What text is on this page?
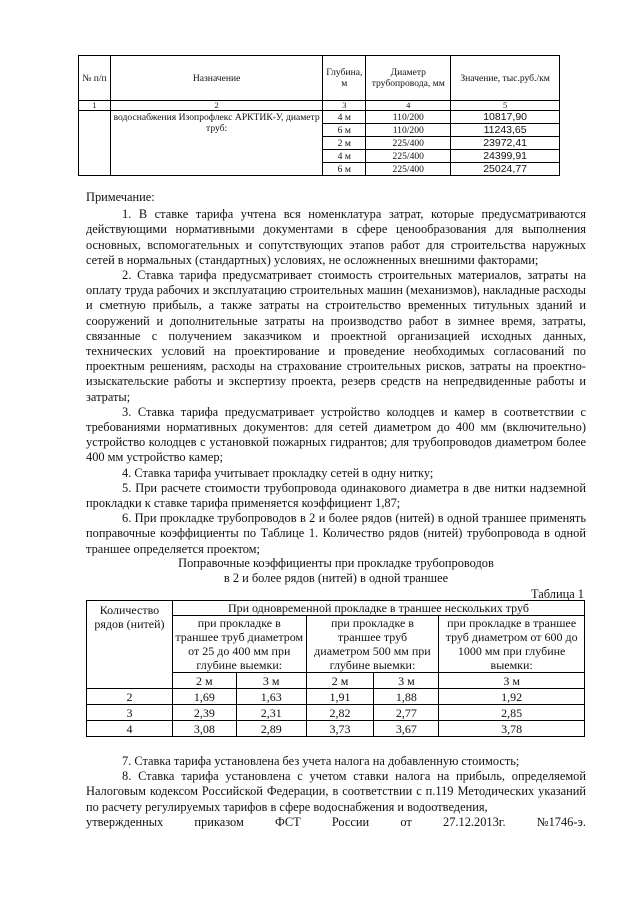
№ п/п	Назначение	Глубина, м	Диаметр трубопровода, мм	Значение, тыс.руб./км
1	2	3	4	5
	водоснабжения Изопрофлекс АРКТИК-У, диаметр труб:	4 м	110/200	10817,90
		6 м	110/200	11243,65
		2 м	225/400	23972,41
		4 м	225/400	24399,91
		6 м	225/400	25024,77

Примечание:

1. В ставке тарифа учтена вся номенклатура затрат, которые предусматриваются действующими нормативными документами в сфере ценообразования для выполнения основных, вспомогательных и сопутствующих этапов работ для строительства наружных сетей в нормальных (стандартных) условиях, не осложненных внешними факторами;

2. Ставка тарифа предусматривает стоимость строительных материалов, затраты на оплату труда рабочих и эксплуатацию строительных машин (механизмов), накладные расходы и сметную прибыль, а также затраты на строительство временных титульных зданий и сооружений и дополнительные затраты на производство работ в зимнее время, затраты, связанные с получением заказчиком и проектной организацией исходных данных, технических условий на проектирование и проведение необходимых согласований по проектным решениям, расходы на страхование строительных рисков, затраты на проектно-изыскательские работы и экспертизу проекта, резерв средств на непредвиденные работы и затраты;

3. Ставка тарифа предусматривает устройство колодцев и камер в соответствии с требованиями нормативных документов: для сетей диаметром до 400 мм (включительно) устройство колодцев с установкой пожарных гидрантов; для трубопроводов диаметром более 400 мм устройство камер;

4. Ставка тарифа учитывает прокладку сетей в одну нитку;

5. При расчете стоимости трубопровода одинакового диаметра в две нитки надземной прокладки к ставке тарифа применяется коэффициент 1,87;

6. При прокладке трубопроводов в 2 и более рядов (нитей) в одной траншее применять поправочные коэффициенты по Таблице 1. Количество рядов (нитей) трубопровода в одной траншее определяется проектом;

Поправочные коэффициенты при прокладке трубопроводов
в 2 и более рядов (нитей) в одной траншее
Таблица 1
Количество рядов (нитей)	При одновременной прокладке в траншее нескольких труб				
	при прокладке в траншее труб диаметром от 25 до 400 мм при глубине выемки:		при прокладке в траншее труб диаметром 500 мм при глубине выемки:		при прокладке в траншее труб диаметром от 600 до 1000 мм при глубине выемки:
	2 м	3 м	2 м	3 м	3 м
2	1,69	1,63	1,91	1,88	1,92
3	2,39	2,31	2,82	2,77	2,85
4	3,08	2,89	3,73	3,67	3,78

7. Ставка тарифа установлена без учета налога на добавленную стоимость;

8. Ставка тарифа установлена с учетом ставки налога на прибыль, определяемой Налоговым кодексом Российской Федерации, в соответствии с п.119 Методических указаний по расчету регулируемых тарифов в сфере водоснабжения и водоотведения,

утвержденных	приказом	ФСТ	России	от	27.12.2013г.	№1746-э.
